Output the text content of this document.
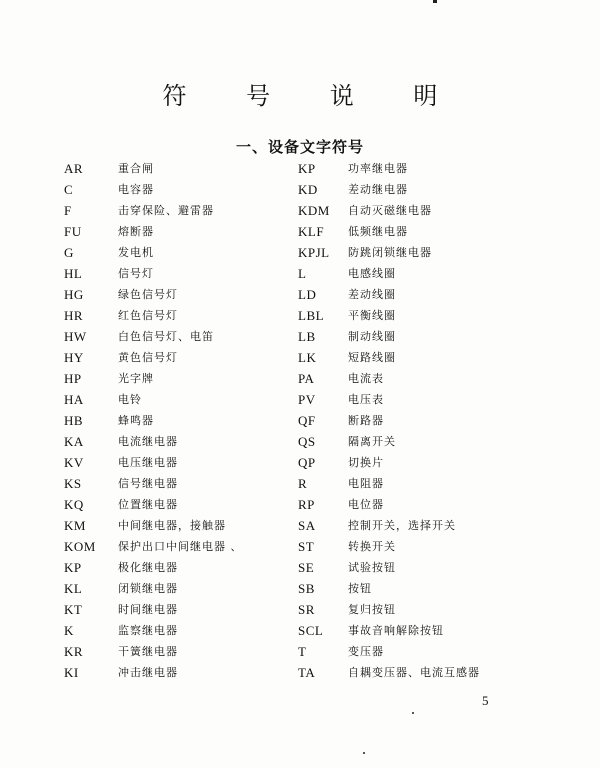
符 号 说 明
一、设备文字符号
AR	重合闸
C	电容器
F	击穿保险、避雷器
FU	熔断器
G	发电机
HL	信号灯
HG	绿色信号灯
HR	红色信号灯
HW	白色信号灯、电笛
HY	黄色信号灯
HP	光字牌
HA	电铃
HB	蜂鸣器
KA	电流继电器
KV	电压继电器
KS	信号继电器
KQ	位置继电器
KM	中间继电器，接触器
KOM 保护出口中间继电器 、
KP	极化继电器
KL	闭锁继电器
KT	时间继电器
K	监察继电器
KR	干簧继电器
KI	冲击继电器
KP	功率继电器
KD	差动继电器
KDM 自动灭磁继电器
KLF 低频继电器
KPJL 防跳闭锁继电器
L	电感线圈
LD	差动线圈
LBL 平衡线圈
LB	制动线圈
LK	短路线圈
PA	电流表
PV	电压表
QF	断路器
QS	隔离开关
QP	切换片
R	电阻器
RP	电位器
SA	控制开关，选择开关
ST	转换开关
SE	试验按钮
SB	按钮
SR	复归按钮
SCL 事故音响解除按钮
T	变压器
TA	自耦变压器、电流互感器
5
